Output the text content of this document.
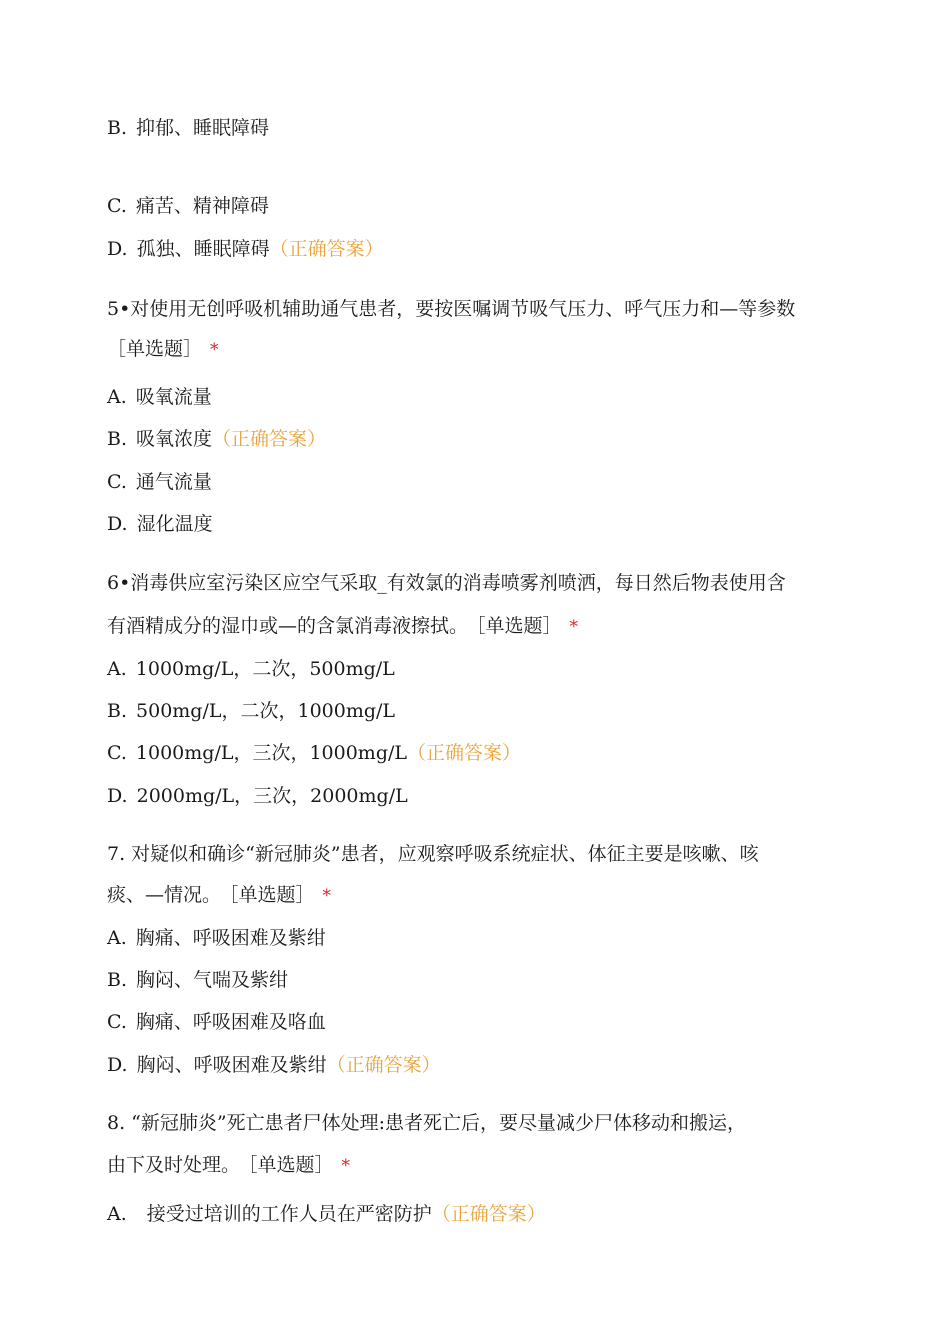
B. 抑郁、睡眠障碍
C. 痛苦、精神障碍
D. 孤独、睡眠障碍（正确答案）
5•对使用无创呼吸机辅助通气患者，要按医嘱调节吸气压力、呼气压力和—等参数
［单选题］ *
A. 吸氧流量
B. 吸氧浓度（正确答案）
C. 通气流量
D. 湿化温度
6•消毒供应室污染区应空气采取_有效氯的消毒喷雾剂喷洒，每日然后物表使用含
有酒精成分的湿巾或—的含氯消毒液擦拭。 ［单选题］ *
A. 1000mg/L，二次，500mg/L
B. 500mg/L，二次，1000mg/L
C. 1000mg/L，三次，1000mg/L（正确答案）
D. 2000mg/L，三次，2000mg/L
7. 对疑似和确诊“新冠肺炎”患者，应观察呼吸系统症状、体征主要是咳嗽、咳
痰、—情况。 ［单选题］ *
A. 胸痛、呼吸困难及紫绀
B. 胸闷、气喘及紫绀
C. 胸痛、呼吸困难及咯血
D. 胸闷、呼吸困难及紫绀（正确答案）
8. “新冠肺炎”死亡患者尸体处理:患者死亡后，要尽量减少尸体移动和搬运，
由下及时处理。 ［单选题］ *
A. 接受过培训的工作人员在严密防护（正确答案）
